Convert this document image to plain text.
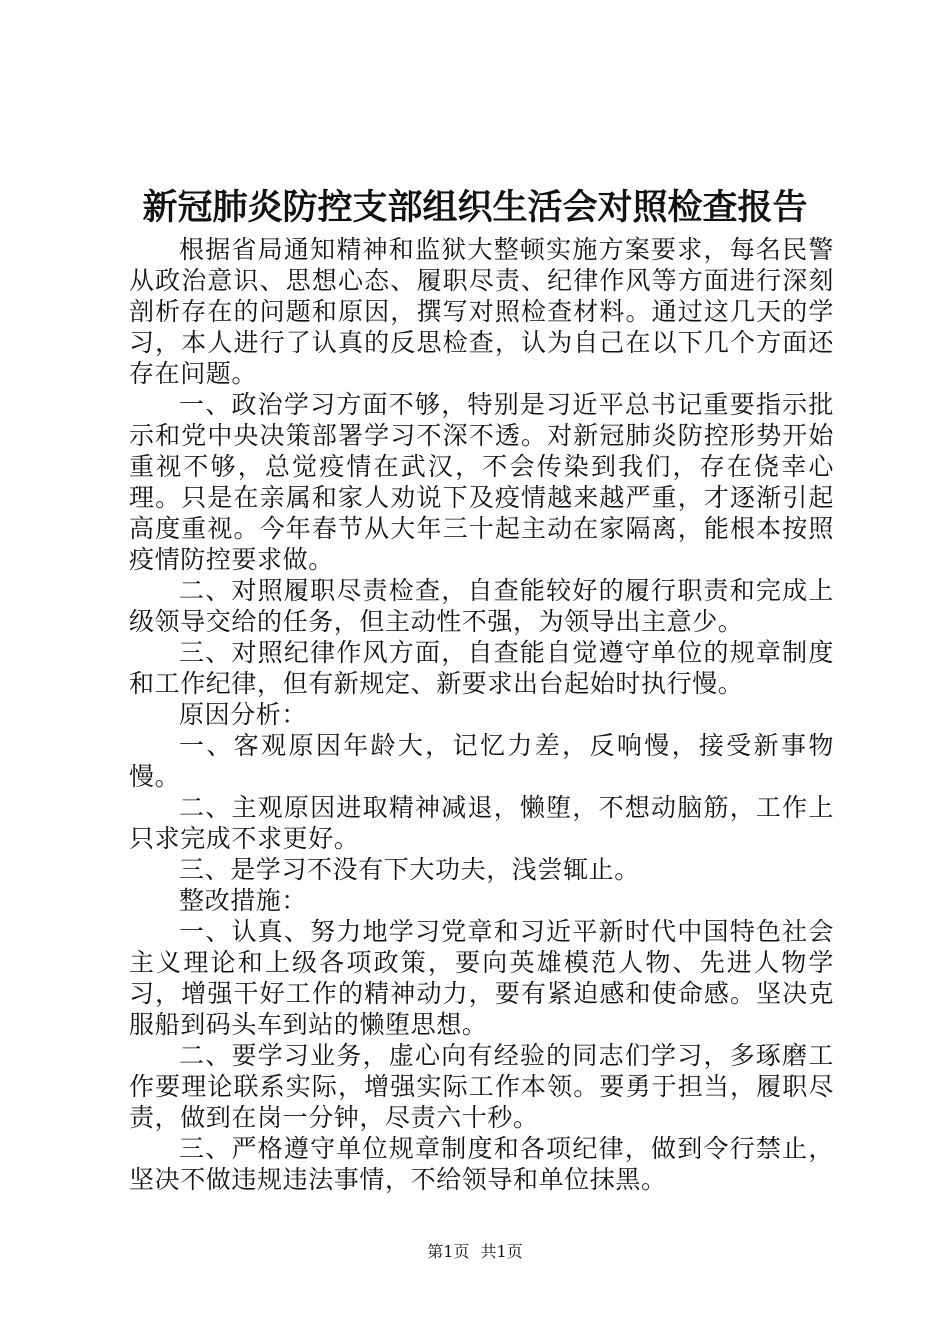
新冠肺炎防控支部组织生活会对照检查报告

根据省局通知精神和监狱大整顿实施方案要求，每名民警从政治意识、思想心态、履职尽责、纪律作风等方面进行深刻剖析存在的问题和原因，撰写对照检查材料。通过这几天的学习，本人进行了认真的反思检查，认为自己在以下几个方面还存在问题。

一、政治学习方面不够，特别是习近平总书记重要指示批示和党中央决策部署学习不深不透。对新冠肺炎防控形势开始重视不够，总觉疫情在武汉，不会传染到我们，存在侥幸心理。只是在亲属和家人劝说下及疫情越来越严重，才逐渐引起高度重视。今年春节从大年三十起主动在家隔离，能根本按照疫情防控要求做。

二、对照履职尽责检查，自查能较好的履行职责和完成上级领导交给的任务，但主动性不强，为领导出主意少。

三、对照纪律作风方面，自查能自觉遵守单位的规章制度和工作纪律，但有新规定、新要求出台起始时执行慢。

原因分析：

一、客观原因年龄大，记忆力差，反响慢，接受新事物慢。

二、主观原因进取精神减退，懒堕，不想动脑筋，工作上只求完成不求更好。

三、是学习不没有下大功夫，浅尝辄止。

整改措施：

一、认真、努力地学习党章和习近平新时代中国特色社会主义理论和上级各项政策，要向英雄模范人物、先进人物学习，增强干好工作的精神动力，要有紧迫感和使命感。坚决克服船到码头车到站的懒堕思想。

二、要学习业务，虚心向有经验的同志们学习，多琢磨工作要理论联系实际，增强实际工作本领。要勇于担当，履职尽责，做到在岗一分钟，尽责六十秒。

三、严格遵守单位规章制度和各项纪律，做到令行禁止，坚决不做违规违法事情，不给领导和单位抹黑。

第1页 共1页
